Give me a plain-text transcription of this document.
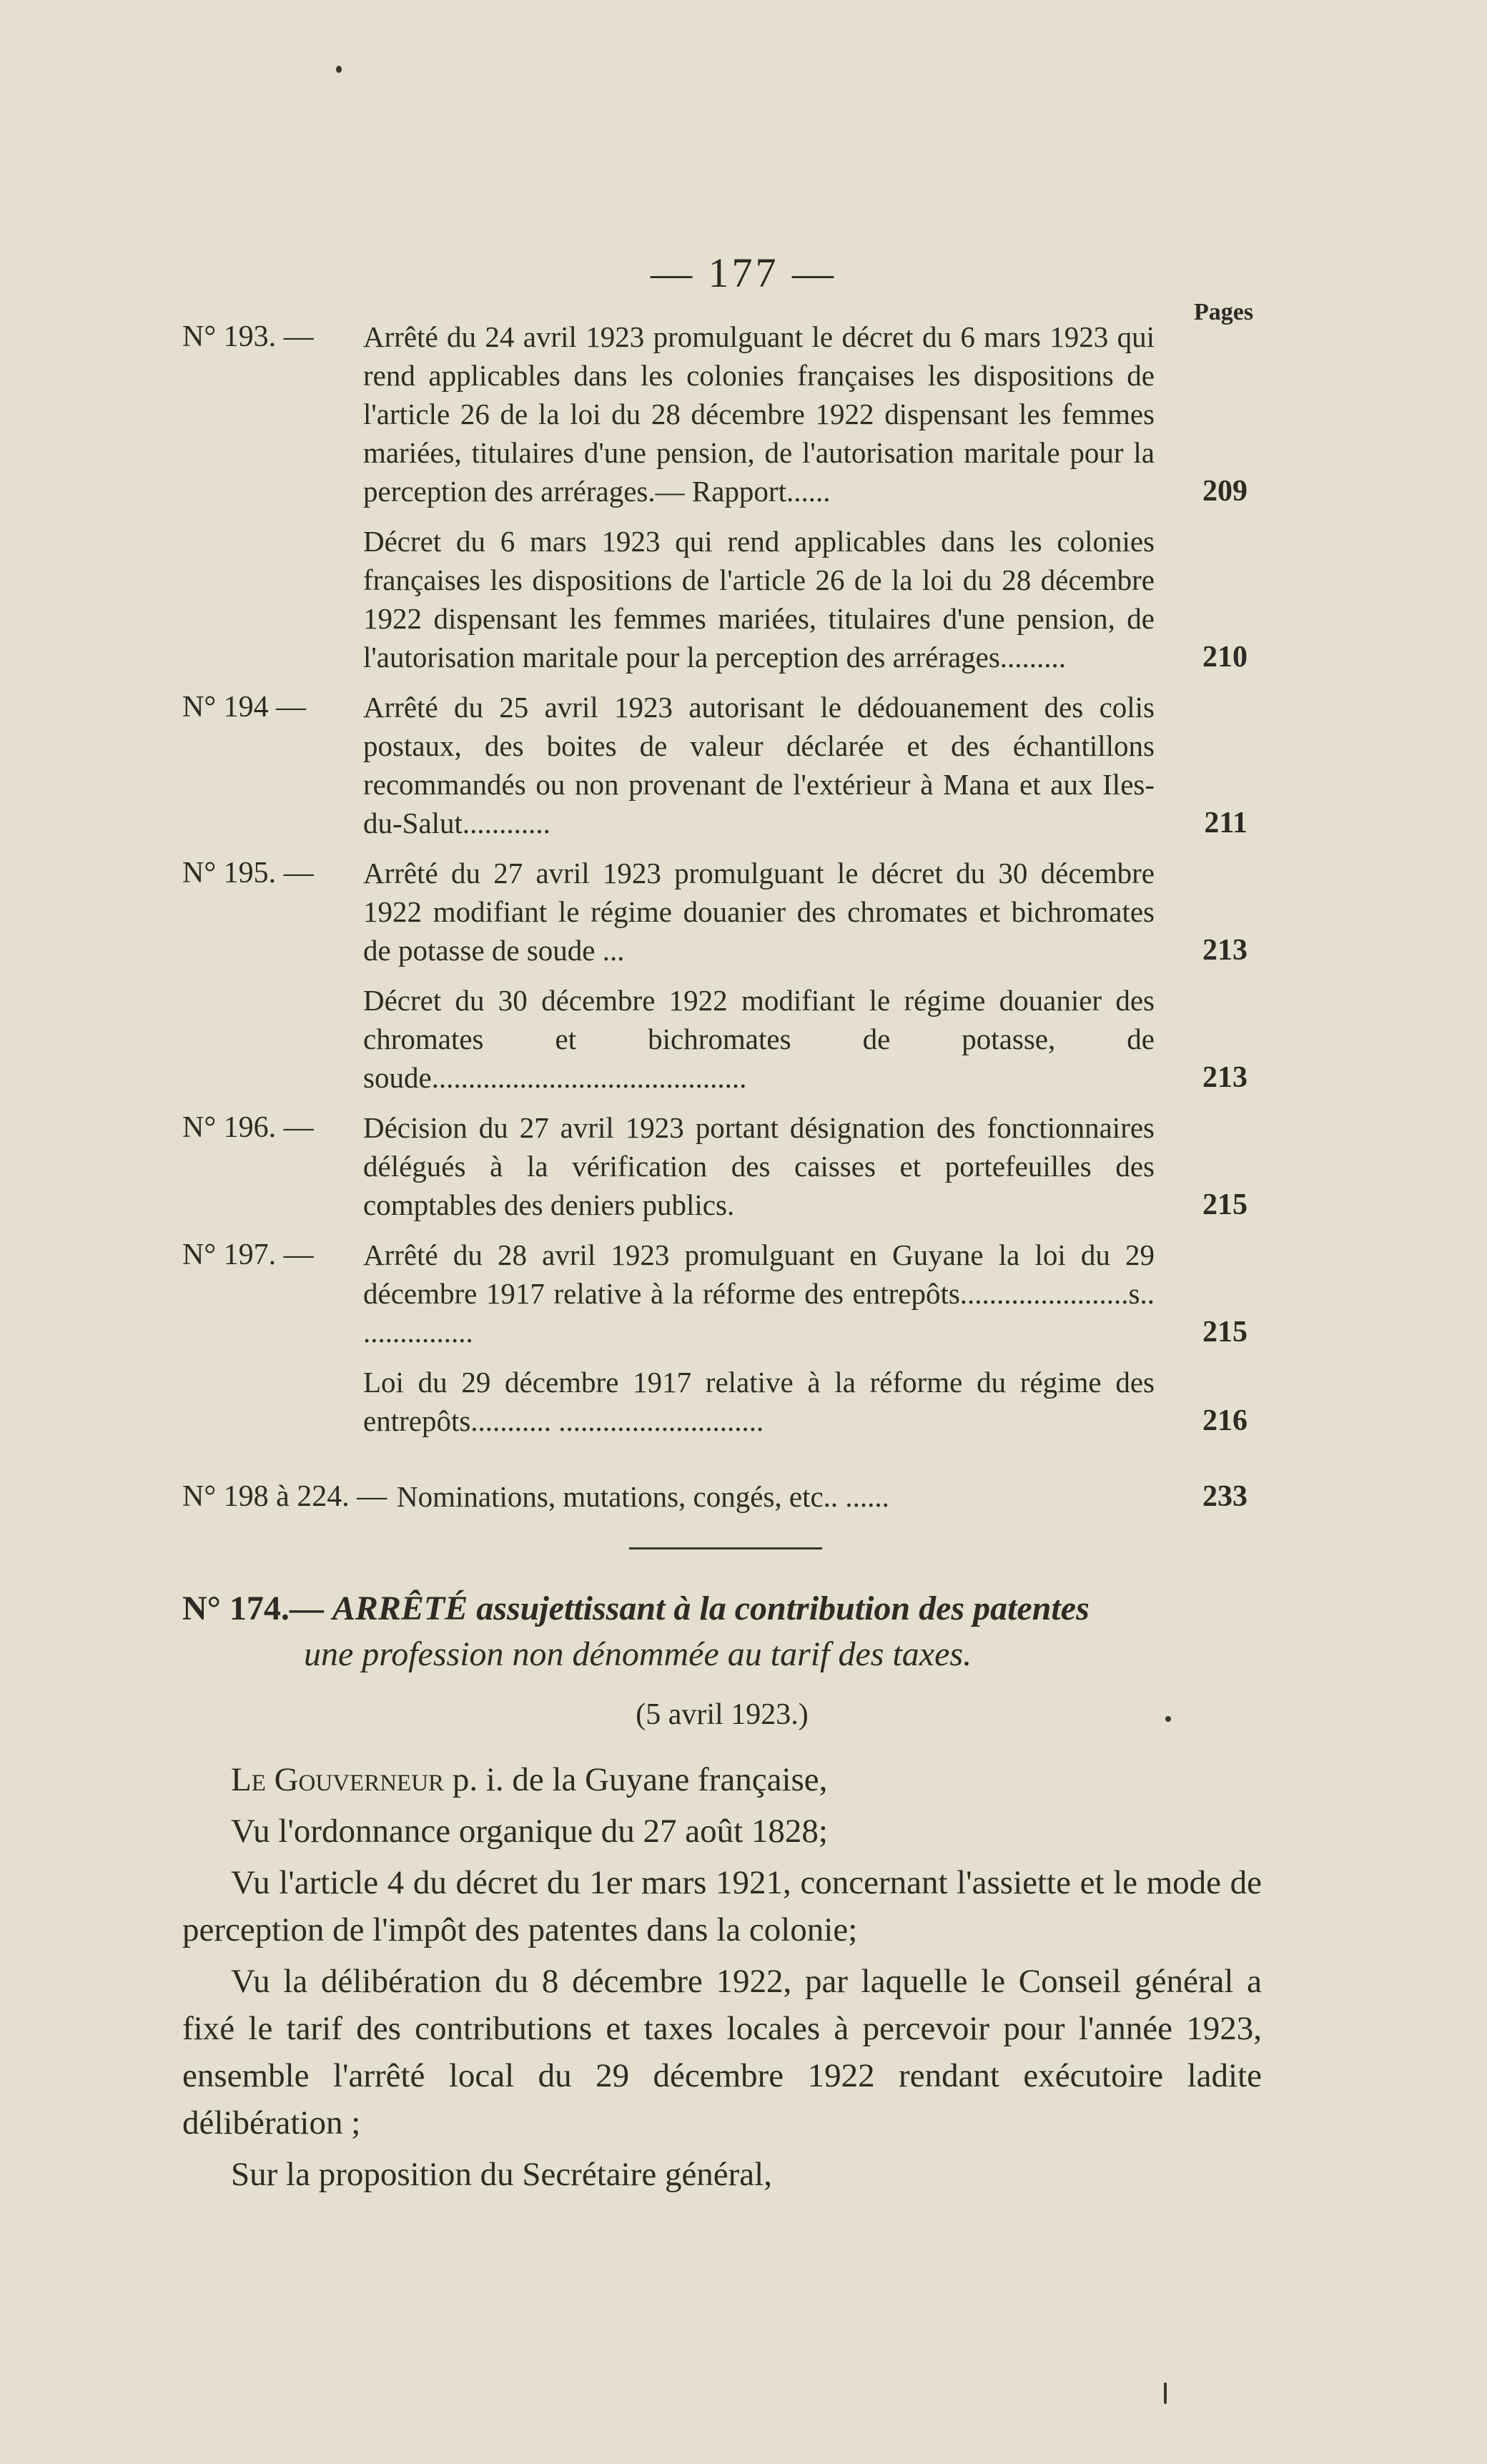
— 177 —
Pages
N° 193. — Arrêté du 24 avril 1923 promulguant le décret du 6 mars 1923 qui rend applicables dans les colonies françaises les dispositions de l'article 26 de la loi du 28 décembre 1922 dispensant les femmes mariées, titulaires d'une pension, de l'autorisation maritale pour la perception des arrérages.— Rapport......	209
Décret du 6 mars 1923 qui rend applicables dans les colonies françaises les dispositions de l'article 26 de la loi du 28 décembre 1922 dispensant les femmes mariées, titulaires d'une pension, de l'autorisation maritale pour la perception des arrérages.........	210
N° 194 — Arrêté du 25 avril 1923 autorisant le dédouanement des colis postaux, des boites de valeur déclarée et des échantillons recommandés ou non provenant de l'extérieur à Mana et aux Iles-du-Salut............	211
N° 195. — Arrêté du 27 avril 1923 promulguant le décret du 30 décembre 1922 modifiant le régime douanier des chromates et bichromates de potasse de soude ...	213
Décret du 30 décembre 1922 modifiant le régime douanier des chromates et bichromates de potasse, de soude...........................................	213
N° 196. — Décision du 27 avril 1923 portant désignation des fonctionnaires délégués à la vérification des caisses et portefeuilles des comptables des deniers publics.	215
N° 197. — Arrêté du 28 avril 1923 promulguant en Guyane la loi du 29 décembre 1917 relative à la réforme des entrepôts.......................s.. ...............	215
Loi du 29 décembre 1917 relative à la réforme du régime des entrepôts........... ............................	216
N° 198 à 224. — Nominations, mutations, congés, etc.. ......	233
N° 174.— ARRÊTÉ assujettissant à la contribution des patentes
une profession non dénommée au tarif des taxes.
(5 avril 1923.)

Le Gouverneur p. i. de la Guyane française,

Vu l'ordonnance organique du 27 août 1828;

Vu l'article 4 du décret du 1er mars 1921, concernant l'assiette et le mode de perception de l'impôt des patentes dans la colonie;

Vu la délibération du 8 décembre 1922, par laquelle le Conseil général a fixé le tarif des contributions et taxes locales à percevoir pour l'année 1923, ensemble l'arrêté local du 29 décembre 1922 rendant exécutoire ladite délibération ;

Sur la proposition du Secrétaire général,
